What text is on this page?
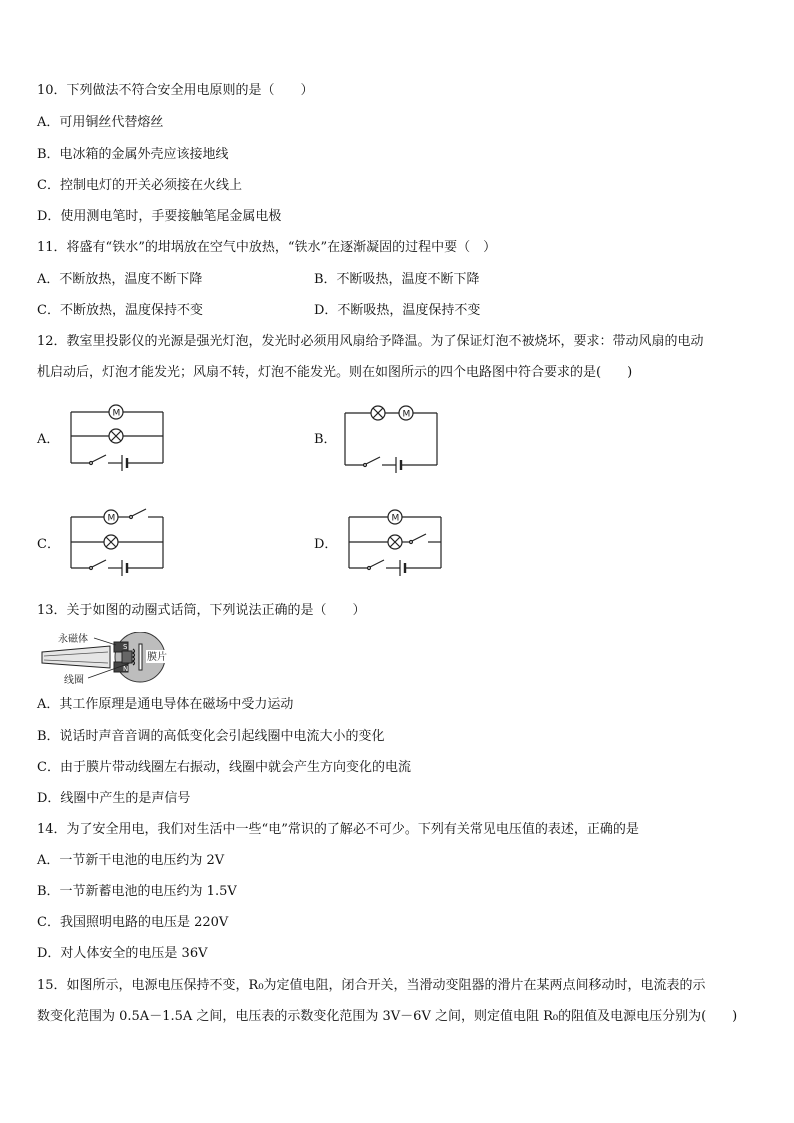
10．下列做法不符合安全用电原则的是（　　）
A．可用铜丝代替熔丝
B．电冰箱的金属外壳应该接地线
C．控制电灯的开关必须接在火线上
D．使用测电笔时，手要接触笔尾金属电极
11．将盛有“铁水”的坩埚放在空气中放热，“铁水”在逐渐凝固的过程中要（　）
A．不断放热，温度不断下降	B．不断吸热，温度不断下降
C．不断放热，温度保持不变	D．不断吸热，温度保持不变
12．教室里投影仪的光源是强光灯泡，发光时必须用风扇给予降温。为了保证灯泡不被烧坏，要求：带动风扇的电动
机启动后，灯泡才能发光；风扇不转，灯泡不能发光。则在如图所示的四个电路图中符合要求的是(　　)
A．
M
B．
M
C．
M
D．
M
13．关于如图的动圈式话筒，下列说法正确的是（　　）
S
N
膜片
永磁体
线圈
A．其工作原理是通电导体在磁场中受力运动
B．说话时声音音调的高低变化会引起线圈中电流大小的变化
C．由于膜片带动线圈左右振动，线圈中就会产生方向变化的电流
D．线圈中产生的是声信号
14．为了安全用电，我们对生活中一些“电”常识的了解必不可少。下列有关常见电压值的表述，正确的是
A．一节新干电池的电压约为 2V
B．一节新蓄电池的电压约为 1.5V
C．我国照明电路的电压是 220V
D．对人体安全的电压是 36V
15．如图所示，电源电压保持不变，R₀为定值电阻，闭合开关，当滑动变阻器的滑片在某两点间移动时，电流表的示
数变化范围为 0.5A－1.5A 之间，电压表的示数变化范围为 3V－6V 之间，则定值电阻 R₀的阻值及电源电压分别为(　　)
